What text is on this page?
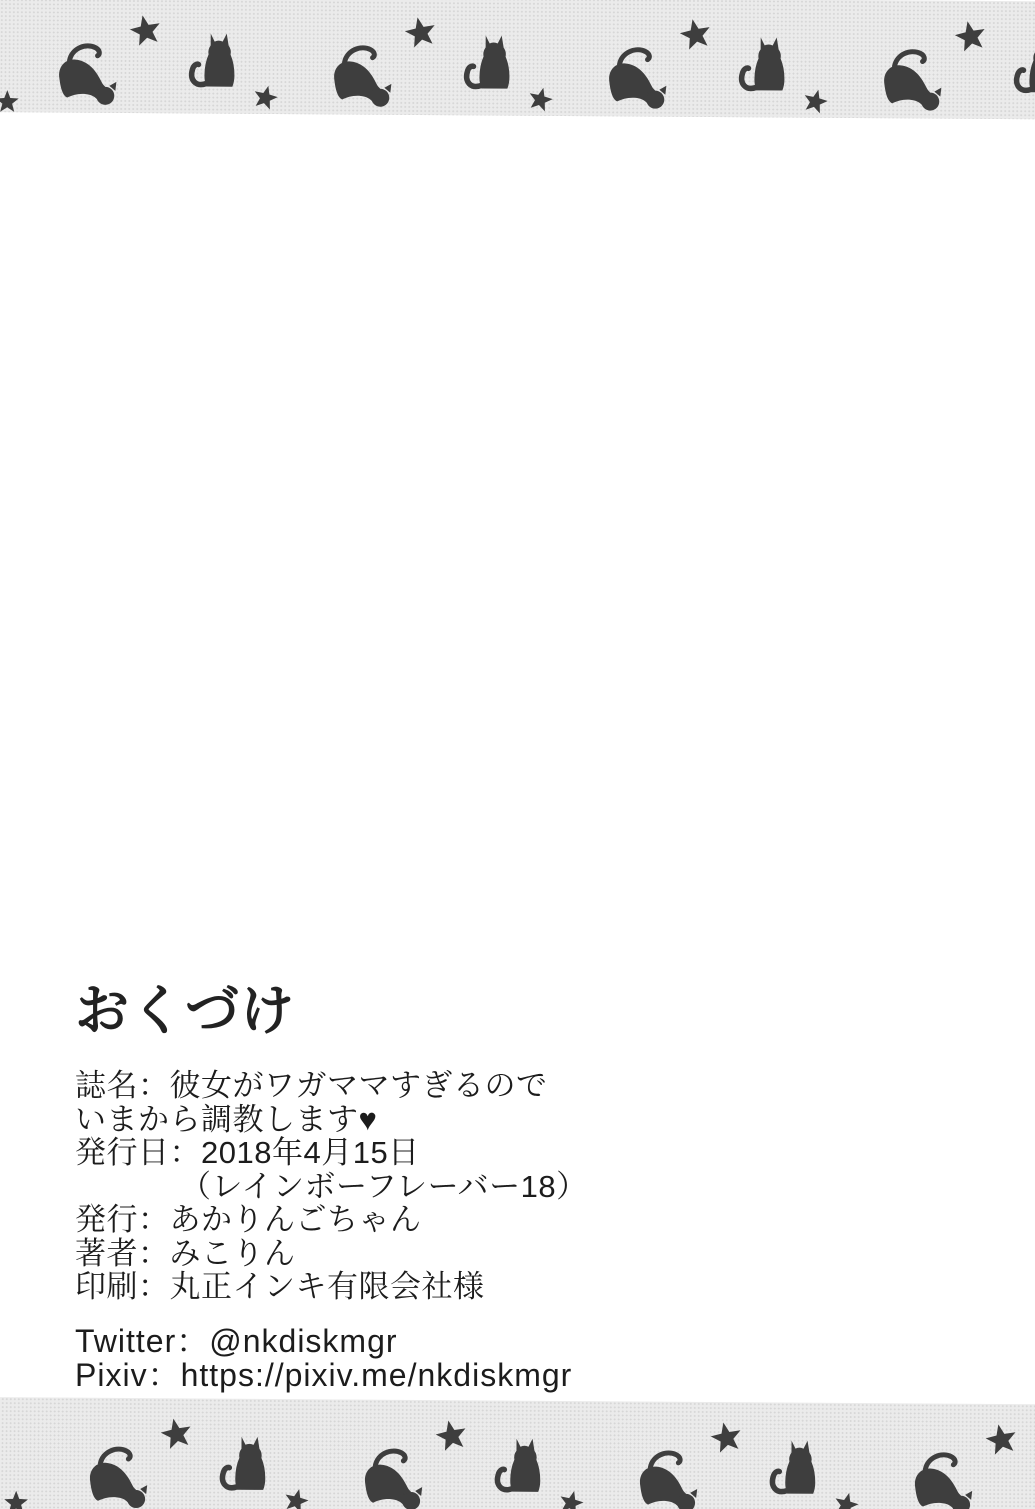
おくづけ

誌名：彼女がワガママすぎるので

いまから調教します♥

発行日：2018年4月15日

（レインボーフレーバー18）

発行：あかりんごちゃん

著者：みこりん

印刷：丸正インキ有限会社様

Twitter：@nkdiskmgr

Pixiv：https://pixiv.me/nkdiskmgr
